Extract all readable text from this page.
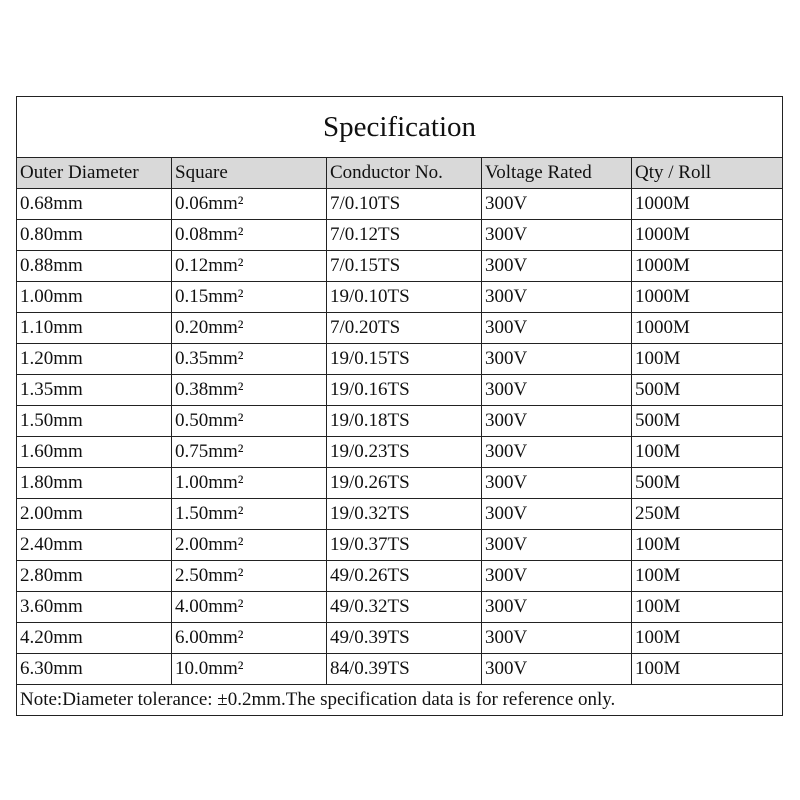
Specification				
Outer Diameter	Square	Conductor No.	Voltage Rated	Qty / Roll
0.68mm	0.06mm²	7/0.10TS	300V	1000M
0.80mm	0.08mm²	7/0.12TS	300V	1000M
0.88mm	0.12mm²	7/0.15TS	300V	1000M
1.00mm	0.15mm²	19/0.10TS	300V	1000M
1.10mm	0.20mm²	7/0.20TS	300V	1000M
1.20mm	0.35mm²	19/0.15TS	300V	100M
1.35mm	0.38mm²	19/0.16TS	300V	500M
1.50mm	0.50mm²	19/0.18TS	300V	500M
1.60mm	0.75mm²	19/0.23TS	300V	100M
1.80mm	1.00mm²	19/0.26TS	300V	500M
2.00mm	1.50mm²	19/0.32TS	300V	250M
2.40mm	2.00mm²	19/0.37TS	300V	100M
2.80mm	2.50mm²	49/0.26TS	300V	100M
3.60mm	4.00mm²	49/0.32TS	300V	100M
4.20mm	6.00mm²	49/0.39TS	300V	100M
6.30mm	10.0mm²	84/0.39TS	300V	100M
Note:Diameter tolerance: ±0.2mm.The specification data is for reference only.				
